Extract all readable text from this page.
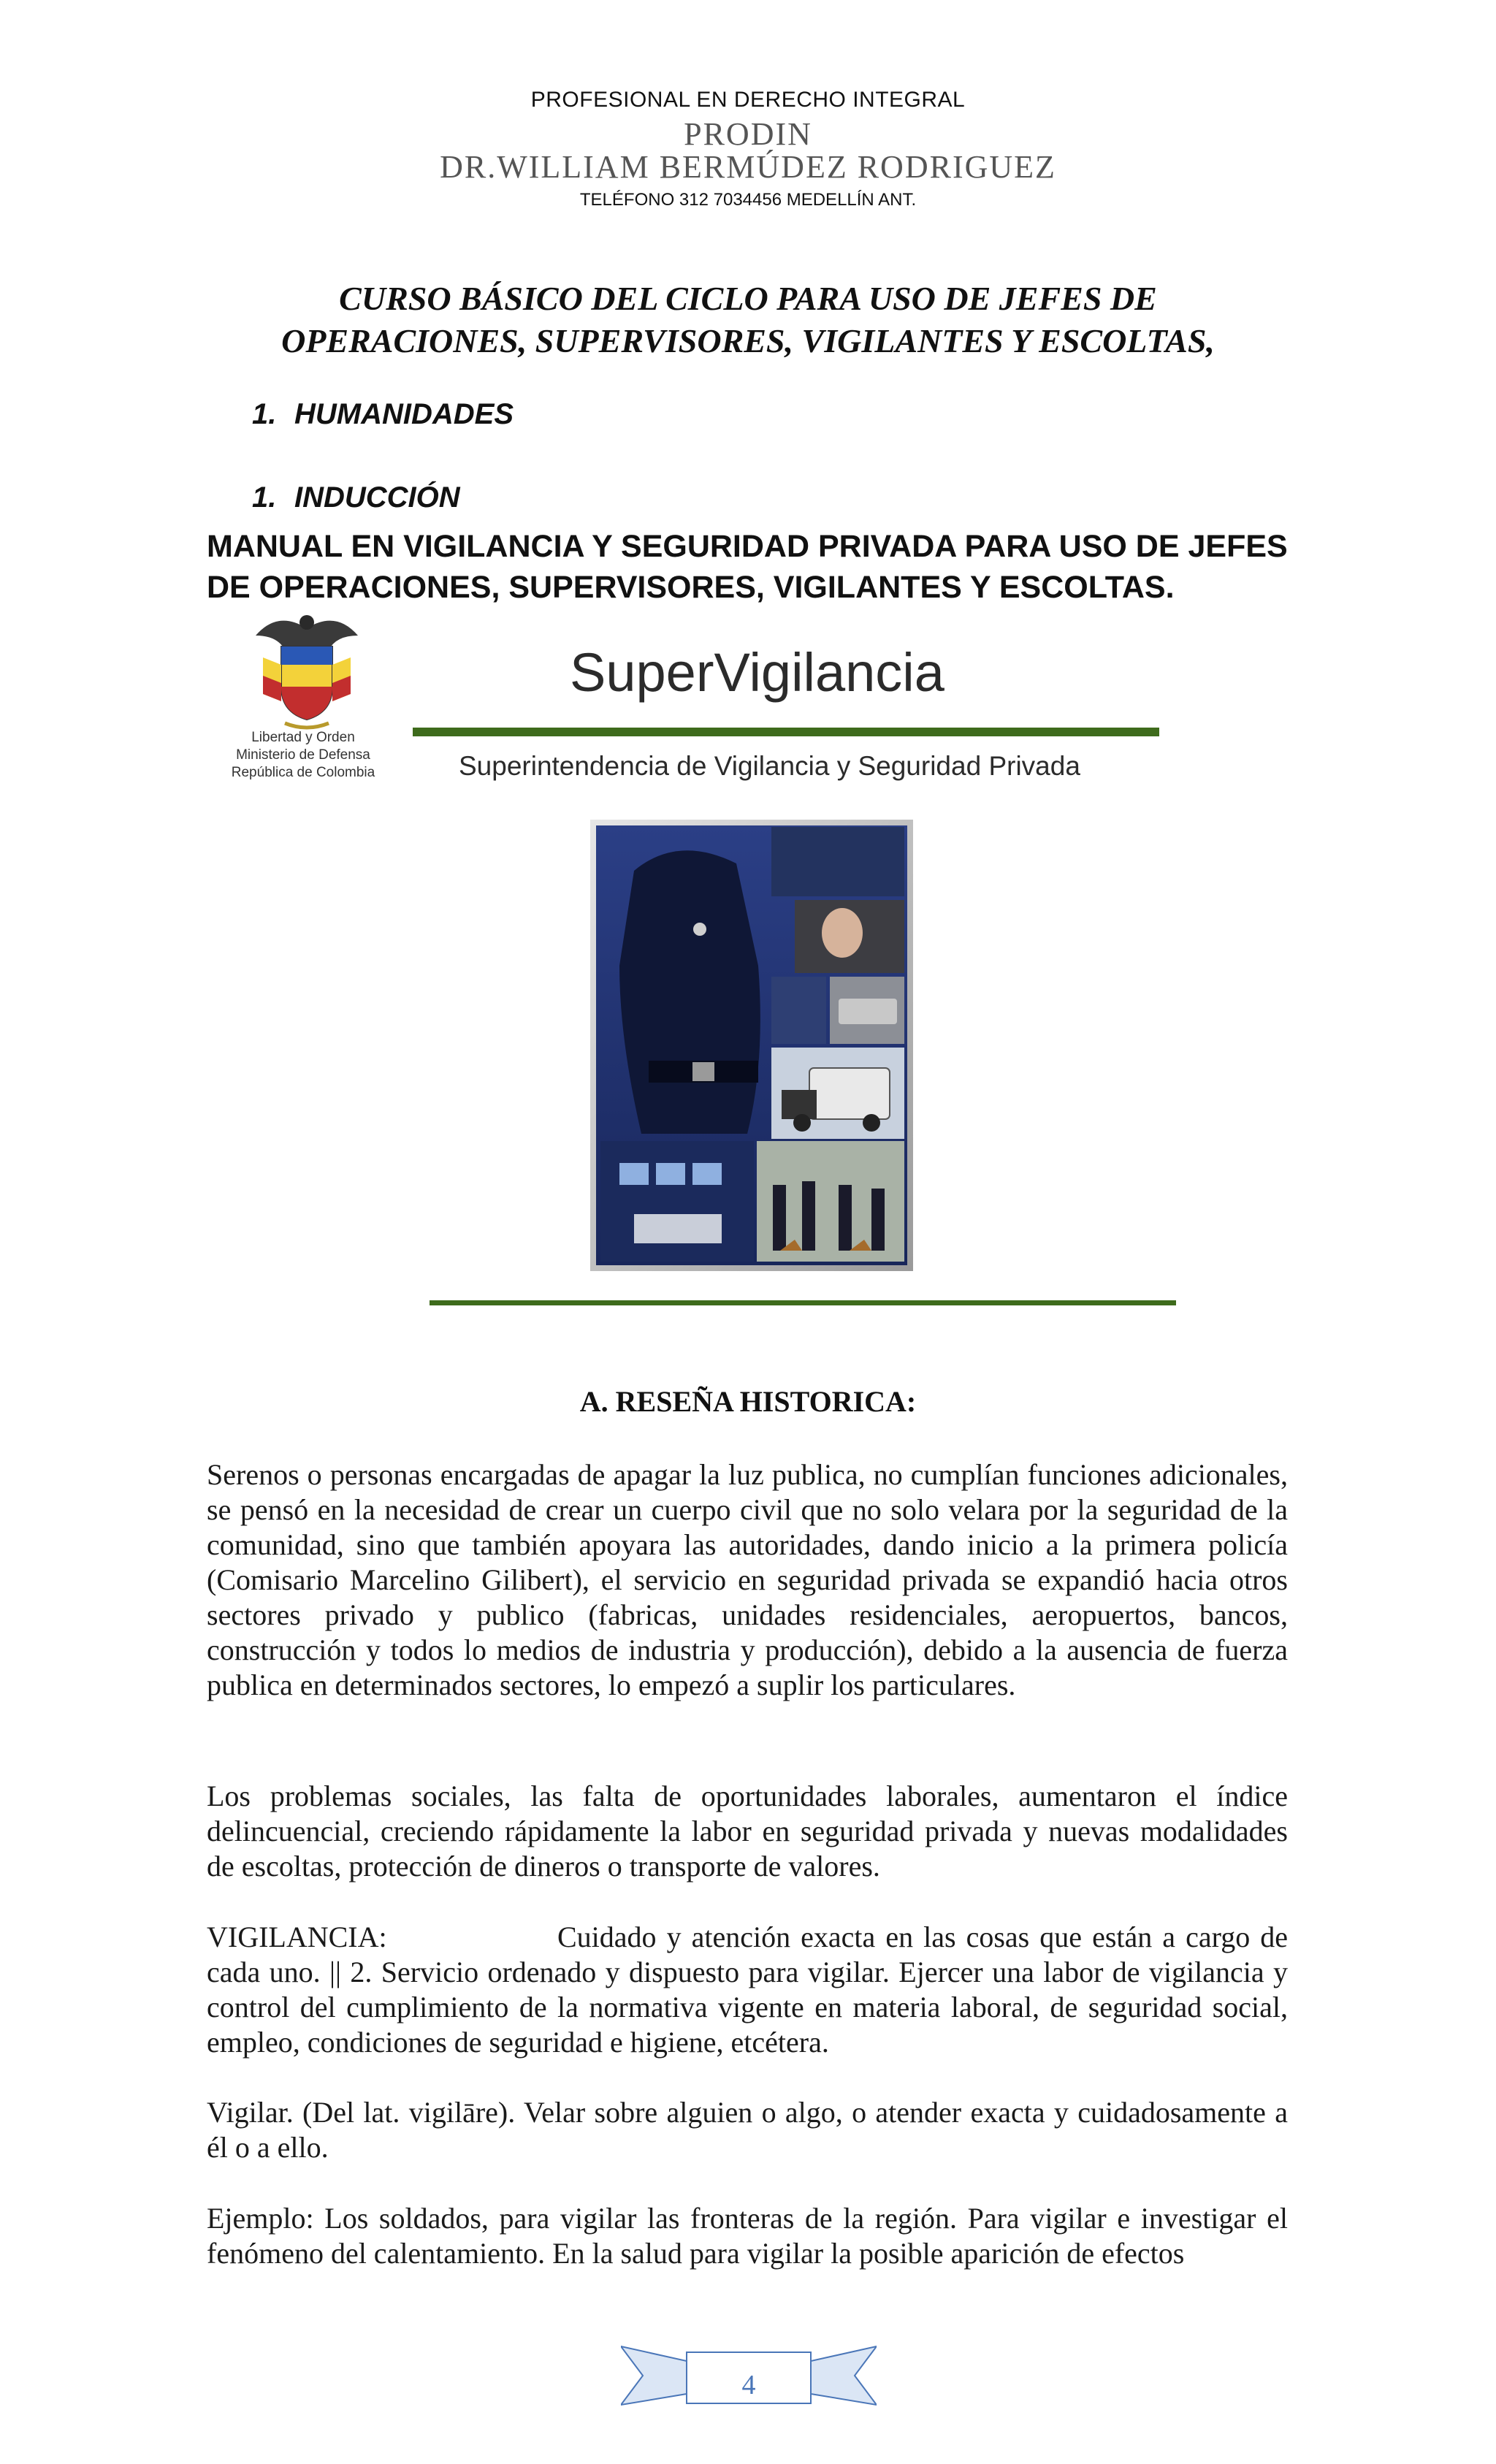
PROFESIONAL EN DERECHO INTEGRAL
PRODIN
DR.WILLIAM BERMÚDEZ RODRIGUEZ
TELÉFONO 312 7034456 MEDELLÍN ANT.
CURSO BÁSICO DEL CICLO PARA USO DE JEFES DE
OPERACIONES, SUPERVISORES, VIGILANTES Y ESCOLTAS,
1. HUMANIDADES
1. INDUCCIÓN
MANUAL EN VIGILANCIA Y SEGURIDAD PRIVADA PARA USO DE JEFES DE OPERACIONES, SUPERVISORES, VIGILANTES Y ESCOLTAS.
Libertad y Orden
Ministerio de Defensa
República de Colombia
SuperVigilancia
Superintendencia de Vigilancia y Seguridad Privada
A. RESEÑA HISTORICA:
Serenos o personas encargadas de apagar la luz publica, no cumplían funciones adicionales, se pensó en la necesidad de crear un cuerpo civil que no solo velara por la seguridad de la comunidad, sino que también apoyara las autoridades, dando inicio a la primera policía (Comisario Marcelino Gilibert), el servicio en seguridad privada se expandió hacia otros sectores privado y publico (fabricas, unidades residenciales, aeropuertos, bancos, construcción y todos lo medios de industria y producción), debido a la ausencia de fuerza publica en determinados sectores, lo empezó a suplir los particulares.
Los problemas sociales, las falta de oportunidades laborales, aumentaron el índice delincuencial, creciendo rápidamente la labor en seguridad privada y nuevas modalidades de escoltas, protección de dineros o transporte de valores.
VIGILANCIA:	Cuidado y atención exacta en las cosas que están a cargo de cada uno. || 2. Servicio ordenado y dispuesto para vigilar. Ejercer una labor de vigilancia y control del cumplimiento de la normativa vigente en materia laboral, de seguridad social, empleo, condiciones de seguridad e higiene, etcétera.
Vigilar. (Del lat. vigilāre). Velar sobre alguien o algo, o atender exacta y cuidadosamente a él o a ello.
Ejemplo: Los soldados, para vigilar las fronteras de la región. Para vigilar e investigar el fenómeno del calentamiento. En la salud para vigilar la posible aparición de efectos
4
